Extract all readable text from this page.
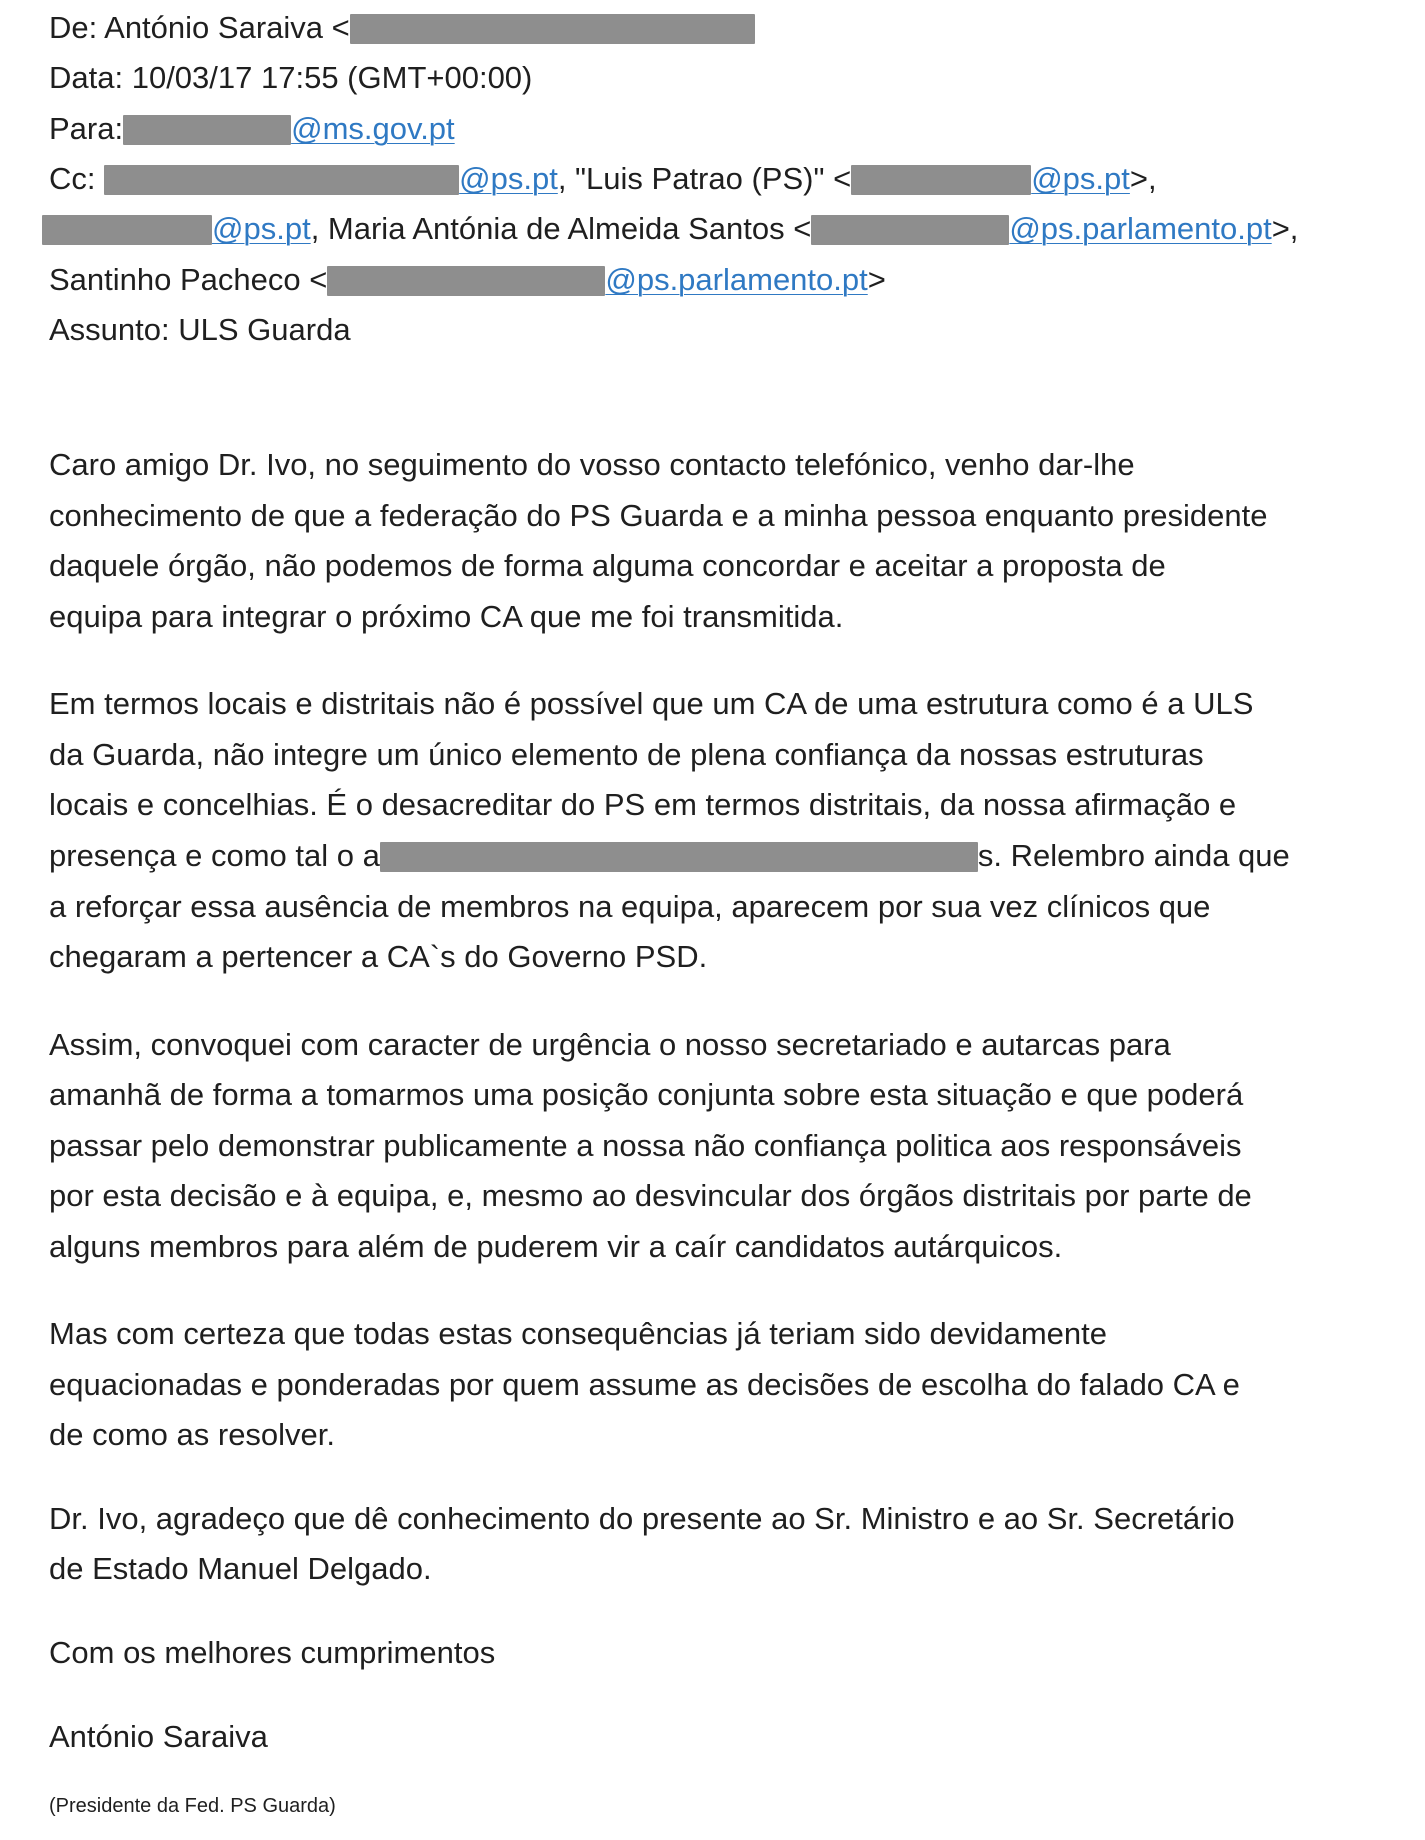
De: António Saraiva <
Data: 10/03/17 17:55 (GMT+00:00)
Para:	@ms.gov.pt
Cc:	@ps.pt, "Luis Patrao (PS)" <	@ps.pt>,
@ps.pt, Maria Antónia de Almeida Santos <	@ps.parlamento.pt>,
Santinho Pacheco <	@ps.parlamento.pt>
Assunto: ULS Guarda
Caro amigo Dr. Ivo, no seguimento do vosso contacto telefónico, venho dar-lhe
conhecimento de que a federação do PS Guarda e a minha pessoa enquanto presidente
daquele órgão, não podemos de forma alguma concordar e aceitar a proposta de
equipa para integrar o próximo CA que me foi transmitida.
Em termos locais e distritais não é possível que um CA de uma estrutura como é a ULS
da Guarda, não integre um único elemento de plena confiança da nossas estruturas
locais e concelhias. É o desacreditar do PS em termos distritais, da nossa afirmação e
presença e como tal o a	s. Relembro ainda que
a reforçar essa ausência de membros na equipa, aparecem por sua vez clínicos que
chegaram a pertencer a CA`s do Governo PSD.
Assim, convoquei com caracter de urgência o nosso secretariado e autarcas para
amanhã de forma a tomarmos uma posição conjunta sobre esta situação e que poderá
passar pelo demonstrar publicamente a nossa não confiança politica aos responsáveis
por esta decisão e à equipa, e, mesmo ao desvincular dos órgãos distritais por parte de
alguns membros para além de puderem vir a caír candidatos autárquicos.
Mas com certeza que todas estas consequências já teriam sido devidamente
equacionadas e ponderadas por quem assume as decisões de escolha do falado CA e
de como as resolver.
Dr. Ivo, agradeço que dê conhecimento do presente ao Sr. Ministro e ao Sr. Secretário
de Estado Manuel Delgado.
Com os melhores cumprimentos
António Saraiva
(Presidente da Fed. PS Guarda)
